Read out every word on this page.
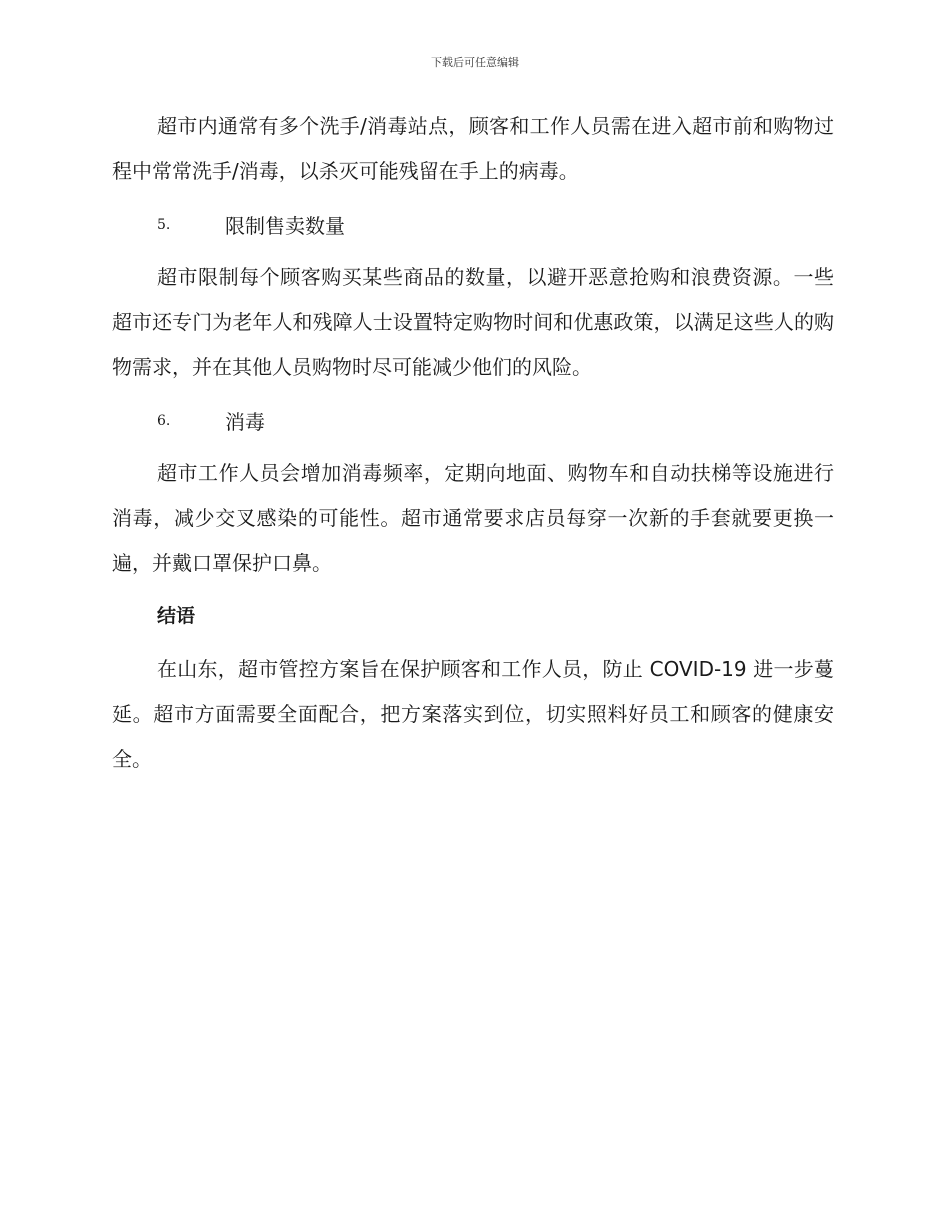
下载后可任意编辑

超市内通常有多个洗手/消毒站点，顾客和工作人员需在进入超市前和购物过程中常常洗手/消毒，以杀灭可能残留在手上的病毒。

5.	限制售卖数量

超市限制每个顾客购买某些商品的数量，以避开恶意抢购和浪费资源。一些超市还专门为老年人和残障人士设置特定购物时间和优惠政策，以满足这些人的购物需求，并在其他人员购物时尽可能减少他们的风险。

6.	消毒

超市工作人员会增加消毒频率，定期向地面、购物车和自动扶梯等设施进行消毒，减少交叉感染的可能性。超市通常要求店员每穿一次新的手套就要更换一遍，并戴口罩保护口鼻。

结语

在山东，超市管控方案旨在保护顾客和工作人员，防止 COVID-19 进一步蔓延。超市方面需要全面配合，把方案落实到位，切实照料好员工和顾客的健康安全。
